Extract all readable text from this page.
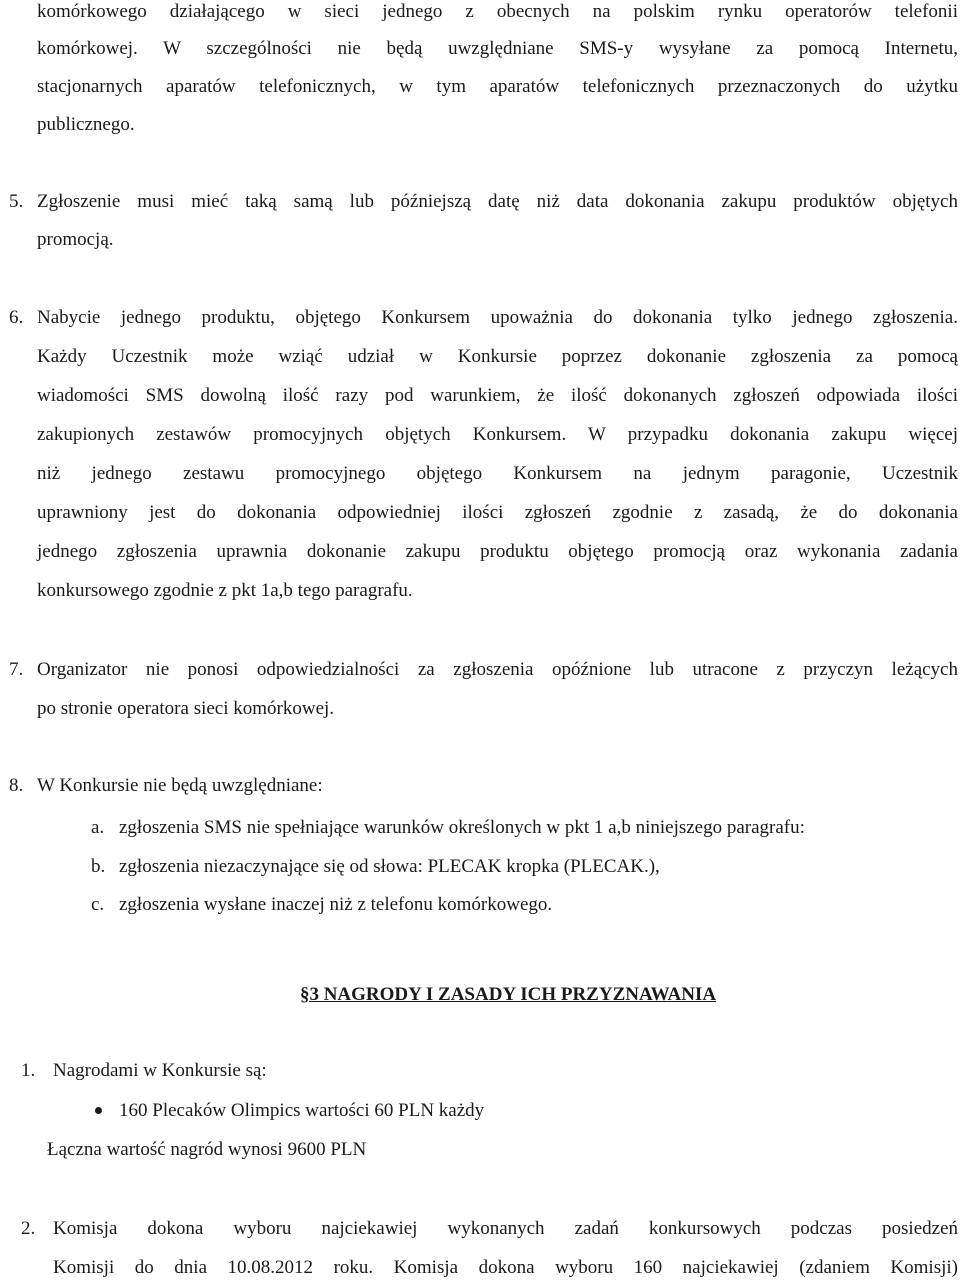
komórkowego działającego w sieci jednego z obecnych na polskim rynku operatorów telefonii
komórkowej. W szczególności nie będą uwzględniane SMS-y wysyłane za pomocą Internetu,
stacjonarnych aparatów telefonicznych, w tym aparatów telefonicznych przeznaczonych do użytku
publicznego.
5. Zgłoszenie musi mieć taką samą lub późniejszą datę niż data dokonania zakupu produktów objętych
promocją.
6. Nabycie jednego produktu, objętego Konkursem upoważnia do dokonania tylko jednego zgłoszenia.
Każdy Uczestnik może wziąć udział w Konkursie poprzez dokonanie zgłoszenia za pomocą
wiadomości SMS dowolną ilość razy pod warunkiem, że ilość dokonanych zgłoszeń odpowiada ilości
zakupionych zestawów promocyjnych objętych Konkursem. W przypadku dokonania zakupu więcej
niż jednego zestawu promocyjnego objętego Konkursem na jednym paragonie, Uczestnik
uprawniony jest do dokonania odpowiedniej ilości zgłoszeń zgodnie z zasadą, że do dokonania
jednego zgłoszenia uprawnia dokonanie zakupu produktu objętego promocją oraz wykonania zadania
konkursowego zgodnie z pkt 1a,b tego paragrafu.
7. Organizator nie ponosi odpowiedzialności za zgłoszenia opóźnione lub utracone z przyczyn leżących
po stronie operatora sieci komórkowej.
8. W Konkursie nie będą uwzględniane:
a. zgłoszenia SMS nie spełniające warunków określonych w pkt 1 a,b niniejszego paragrafu:
b. zgłoszenia niezaczynające się od słowa: PLECAK kropka (PLECAK.),
c. zgłoszenia wysłane inaczej niż z telefonu komórkowego.
§3 NAGRODY I ZASADY ICH PRZYZNAWANIA
1. Nagrodami w Konkursie są:
160 Plecaków Olimpics wartości 60 PLN każdy
Łączna wartość nagród wynosi 9600 PLN
2. Komisja dokona wyboru najciekawiej wykonanych zadań konkursowych podczas posiedzeń
Komisji do dnia 10.08.2012 roku. Komisja dokona wyboru 160 najciekawiej (zdaniem Komisji)
